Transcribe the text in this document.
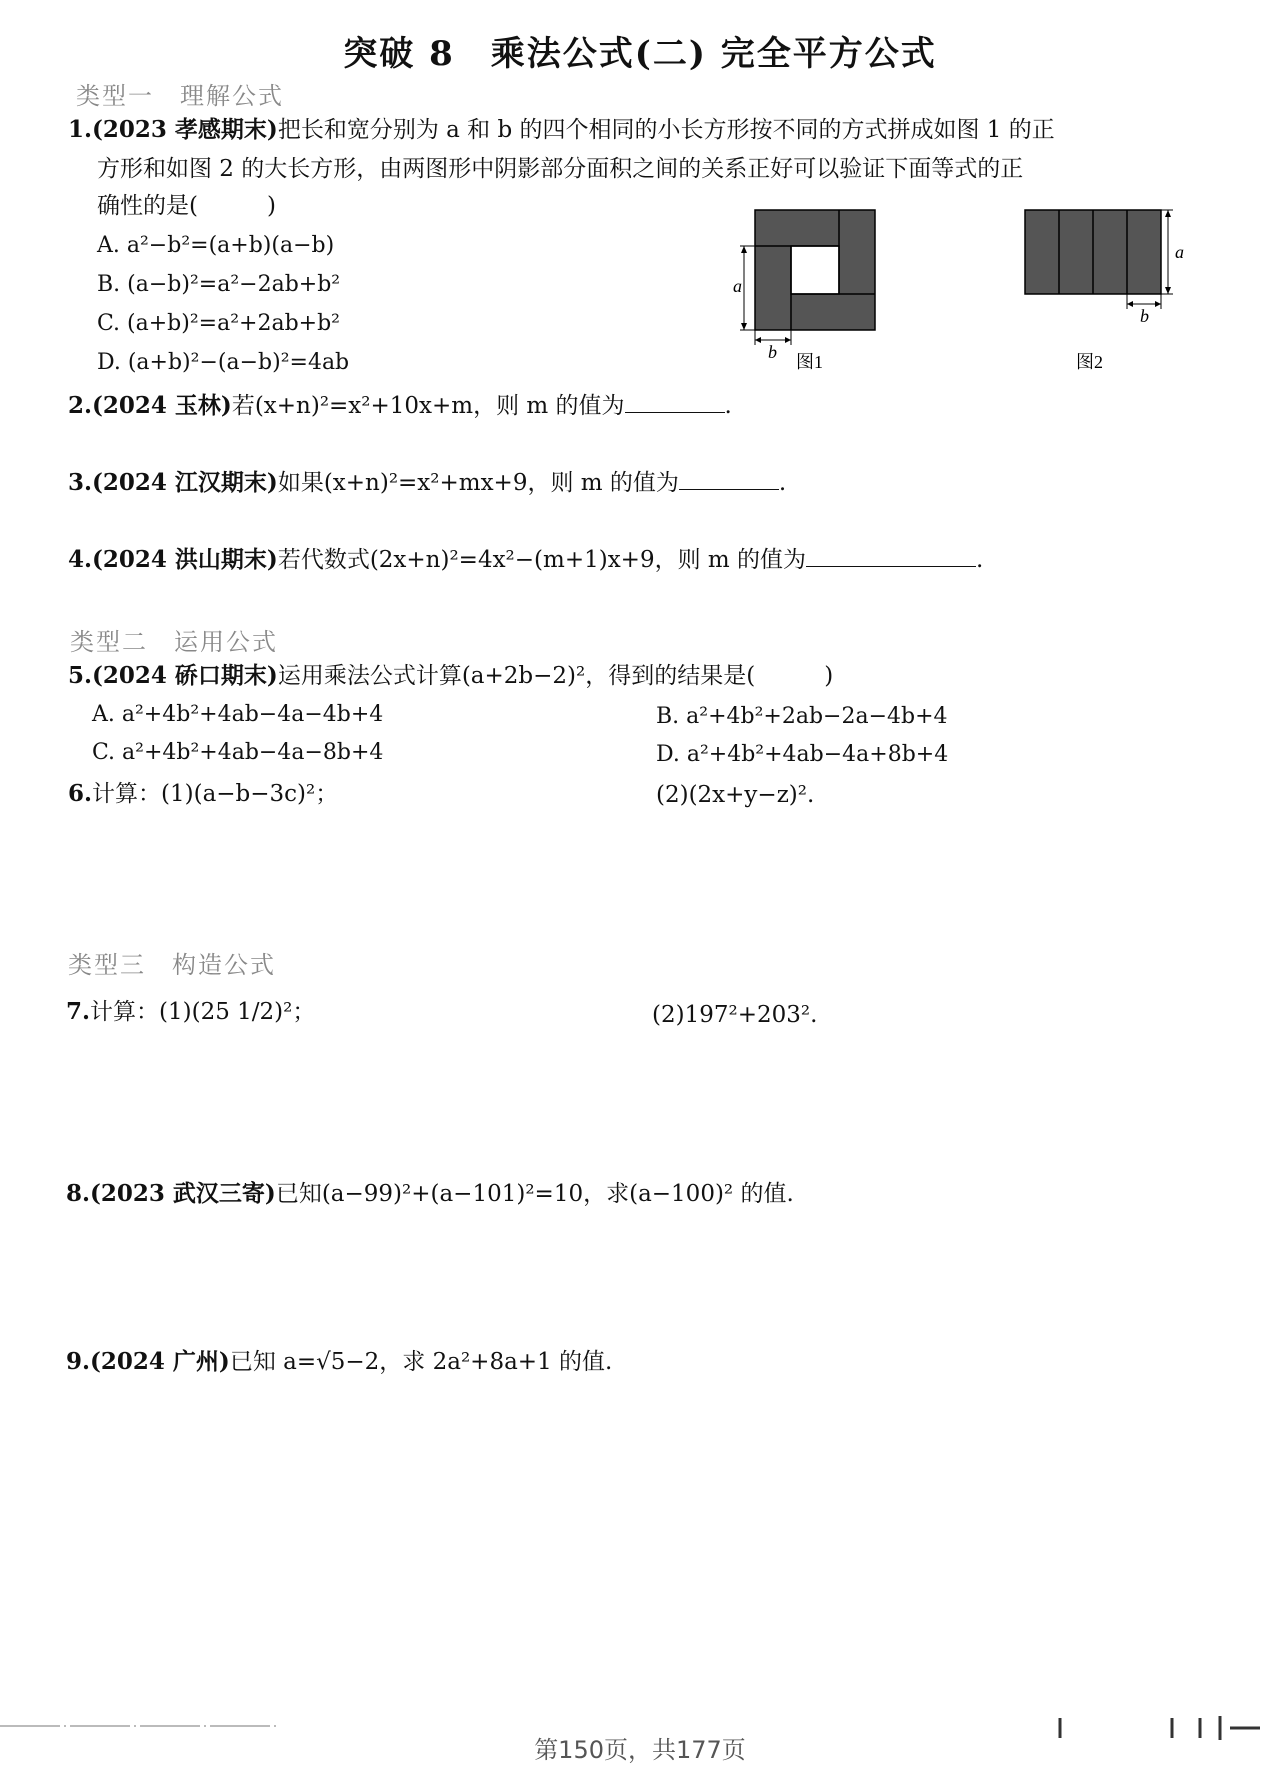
突破 8　乘法公式(二) 完全平方公式
类型一　理解公式
1.(2023 孝感期末)把长和宽分别为 a 和 b 的四个相同的小长方形按不同的方式拼成如图 1 的正
方形和如图 2 的大长方形，由两图形中阴影部分面积之间的关系正好可以验证下面等式的正
确性的是(　　　)
A. a²−b²=(a+b)(a−b)
B. (a−b)²=a²−2ab+b²
C. (a+b)²=a²+2ab+b²
D. (a+b)²−(a−b)²=4ab
a
b 图1
a
b
图2
2.(2024 玉林)若(x+n)²=x²+10x+m，则 m 的值为	.
3.(2024 江汉期末)如果(x+n)²=x²+mx+9，则 m 的值为	.
4.(2024 洪山期末)若代数式(2x+n)²=4x²−(m+1)x+9，则 m 的值为	.
类型二　运用公式
5.(2024 硚口期末)运用乘法公式计算(a+2b−2)²，得到的结果是(　　　)
A. a²+4b²+4ab−4a−4b+4	B. a²+4b²+2ab−2a−4b+4
C. a²+4b²+4ab−4a−8b+4	D. a²+4b²+4ab−4a+8b+4
6.计算：(1)(a−b−3c)²；	(2)(2x+y−z)².
类型三　构造公式
7.计算：(1)(25 1/2)²；	(2)197²+203².
8.(2023 武汉三寄)已知(a−99)²+(a−101)²=10，求(a−100)² 的值.
9.(2024 广州)已知 a=√5−2，求 2a²+8a+1 的值.
第150页，共177页
